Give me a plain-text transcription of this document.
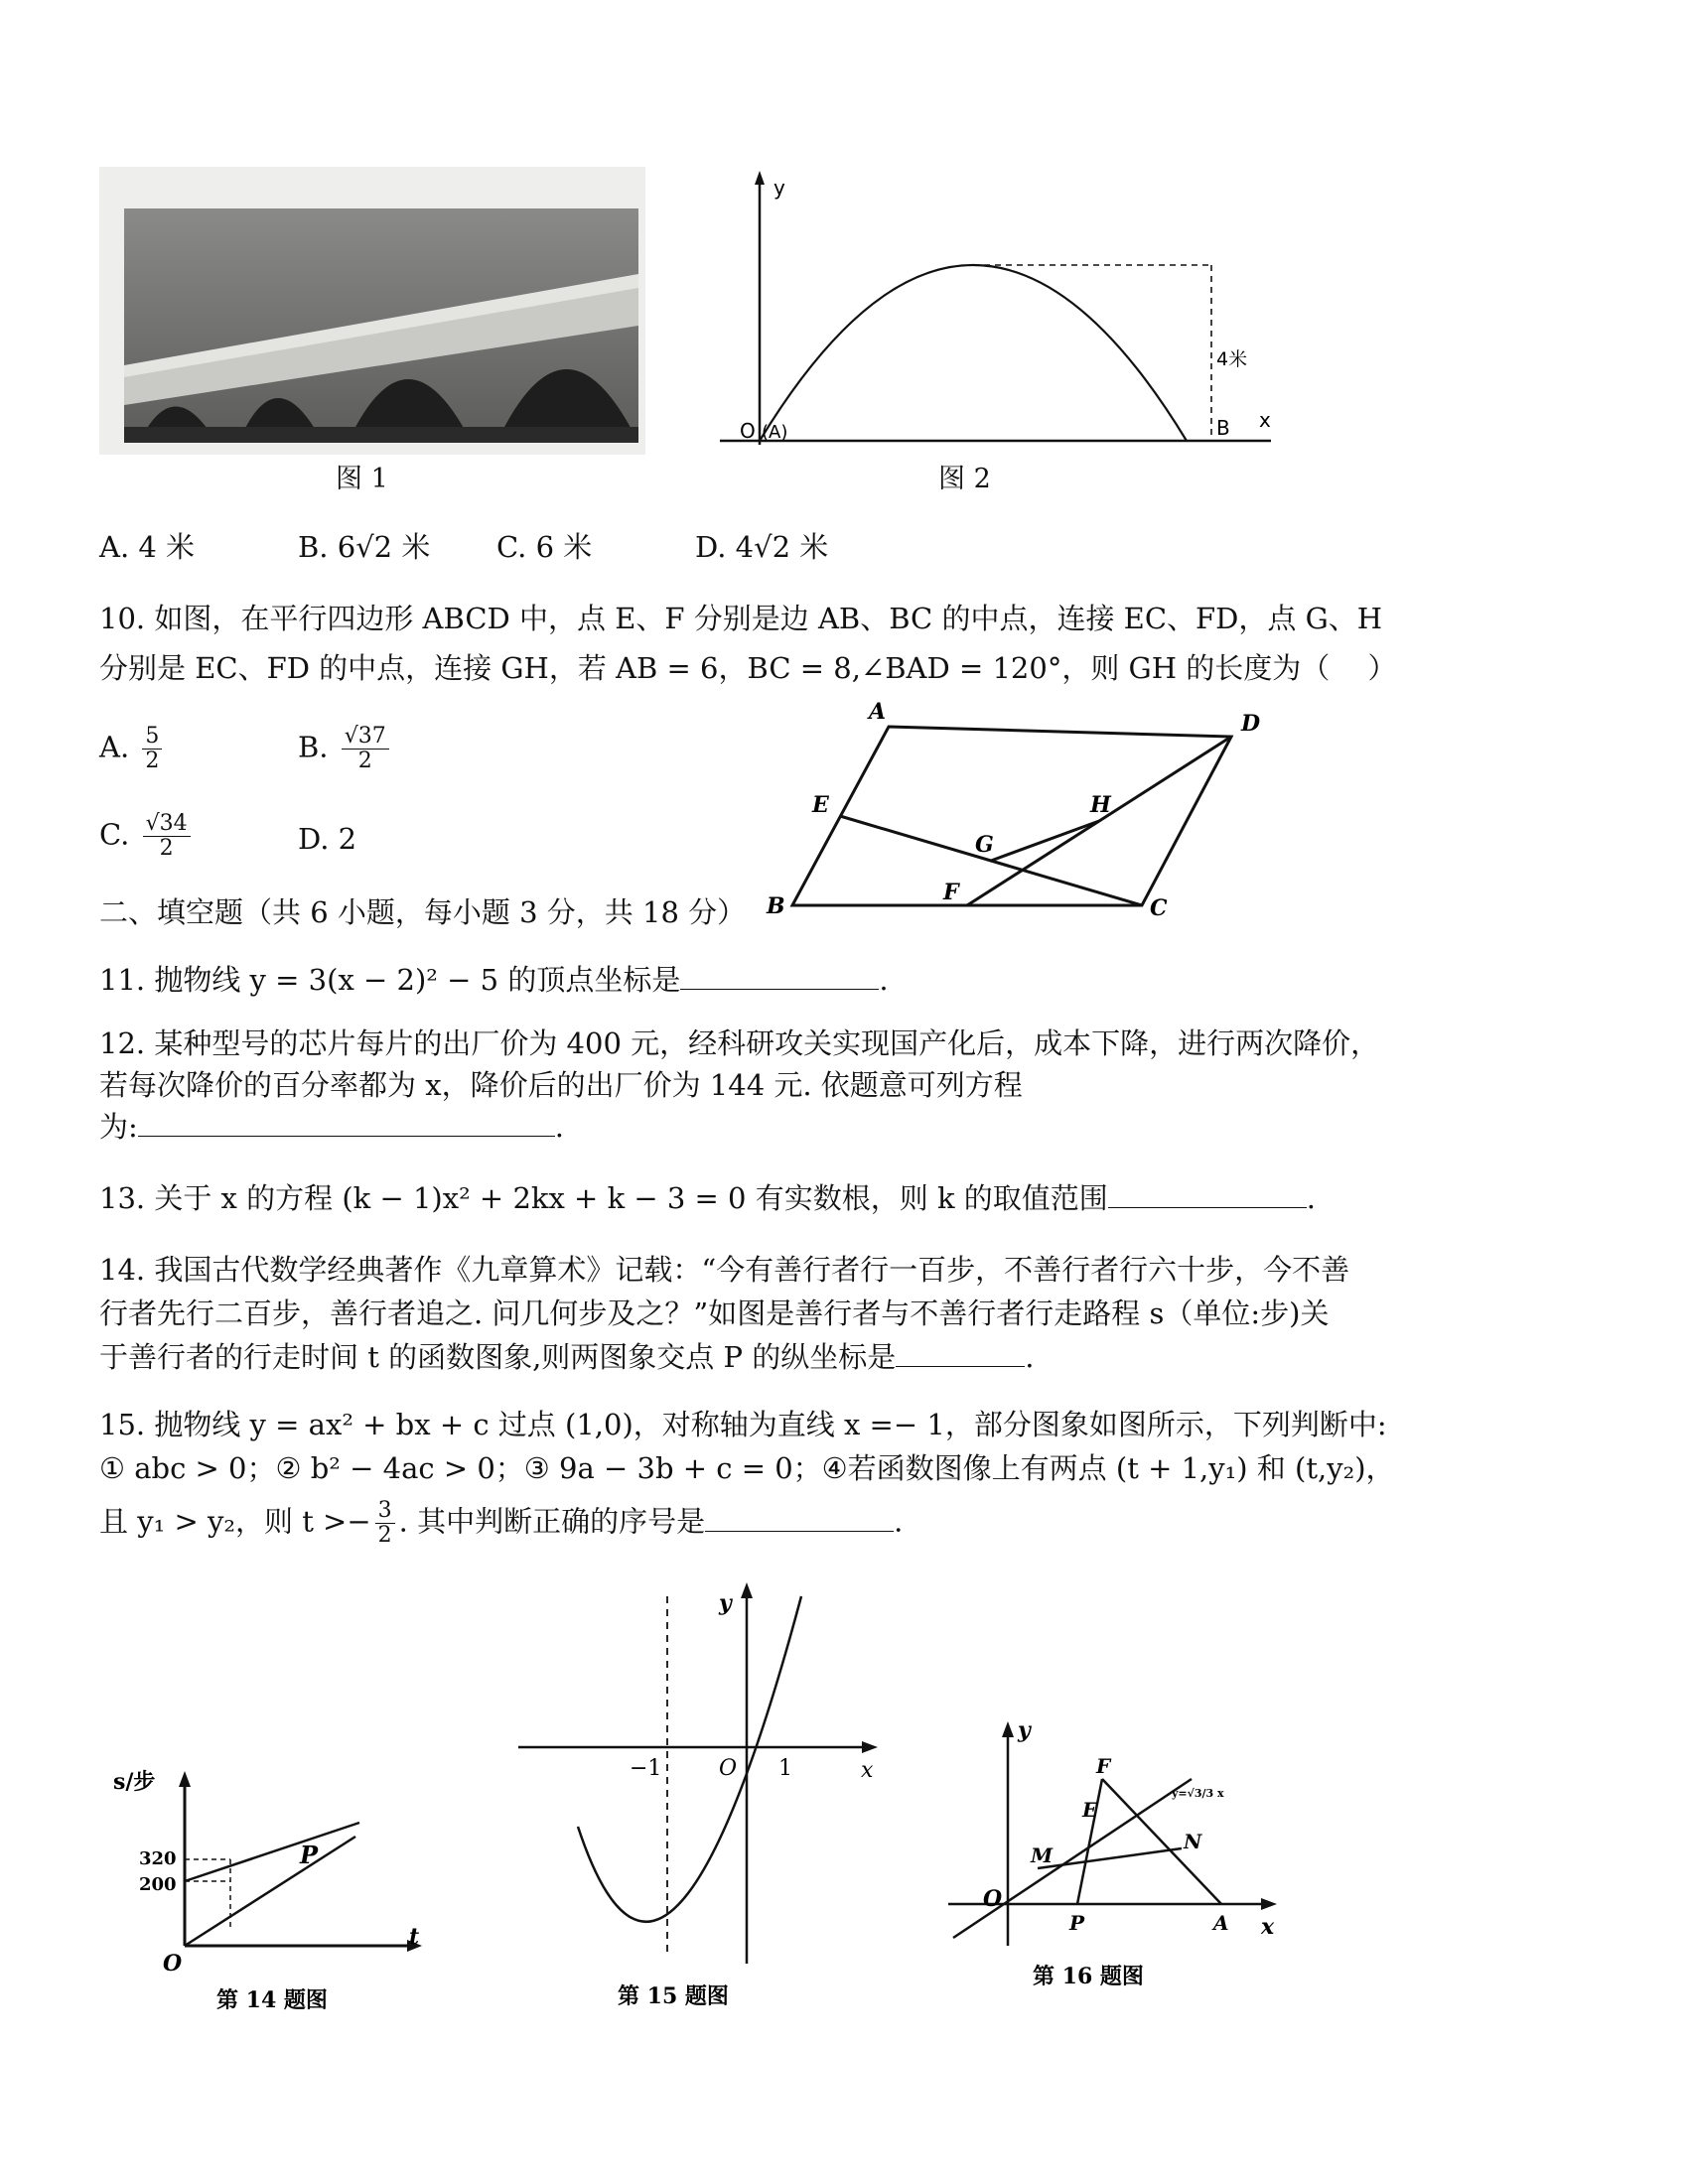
图 1
y
x
O (A)	B
4米
图 2
A. 4 米	B. 6√2 米 C. 6 米	D. 4√2 米
10. 如图，在平行四边形 ABCD 中，点 E、F 分别是边 AB、BC 的中点，连接 EC、FD，点 G、H
分别是 EC、FD 的中点，连接 GH，若 AB = 6，BC = 8,∠BAD = 120°，则 GH 的长度为（　 ）
A. $\frac{5}{2}$	B. $\frac{√37}{2}$
C. $\frac{√34}{2}$	D. 2
A	D
B	C
E
F
G
H
二、填空题（共 6 小题，每小题 3 分，共 18 分）
11. 抛物线 y = 3(x − 2)² − 5 的顶点坐标是	.
12. 某种型号的芯片每片的出厂价为 400 元，经科研攻关实现国产化后，成本下降，进行两次降价，
若每次降价的百分率都为 x，降价后的出厂价为 144 元. 依题意可列方程
为:	.
13. 关于 x 的方程 (k − 1)x² + 2kx + k − 3 = 0 有实数根，则 k 的取值范围	.
14. 我国古代数学经典著作《九章算术》记载：“今有善行者行一百步，不善行者行六十步，今不善
行者先行二百步，善行者追之. 问几何步及之？”如图是善行者与不善行者行走路程 s（单位:步)关
于善行者的行走时间 t 的函数图象,则两图象交点 P 的纵坐标是	.
15. 抛物线 y = ax² + bx + c 过点 (1,0)，对称轴为直线 x =− 1，部分图象如图所示，下列判断中:
① abc > 0；② b² − 4ac > 0；③ 9a − 3b + c = 0；④若函数图像上有两点 (t + 1,y₁) 和 (t,y₂)，
且 y₁ > y₂，则 $t >- \frac{3}{2}$ . 其中判断正确的序号是	.
s/步
320
200
O
t
P
第 14 题图
y
x
−1	O 1
第 15 题图
y
x
O
F
E
M
N
P	A
y=√3/3 x
第 16 题图
